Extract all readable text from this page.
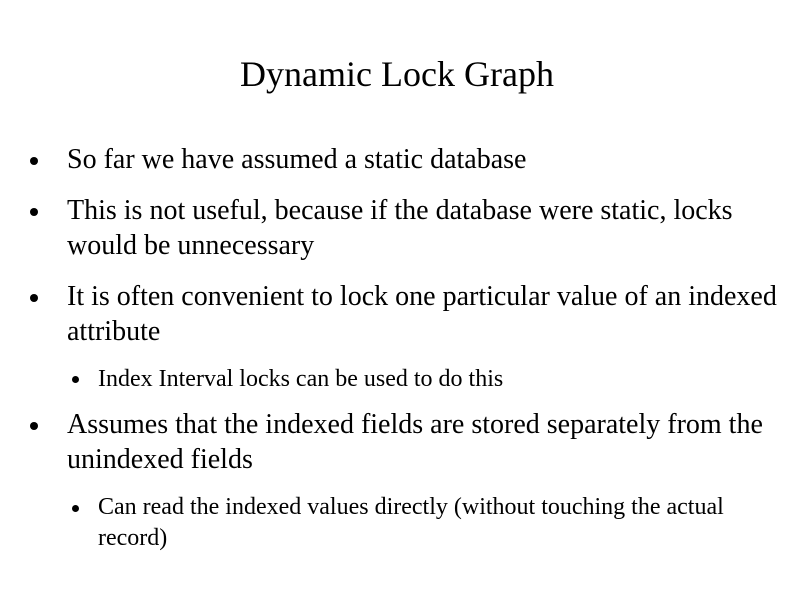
Dynamic Lock Graph
So far we have assumed a static database
This is not useful, because if the database were static, locks would be unnecessary
It is often convenient to lock one particular value of an indexed attribute
Index Interval locks can be used to do this
Assumes that the indexed fields are stored separately from the unindexed fields
Can read the indexed values directly (without touching the actual record)
